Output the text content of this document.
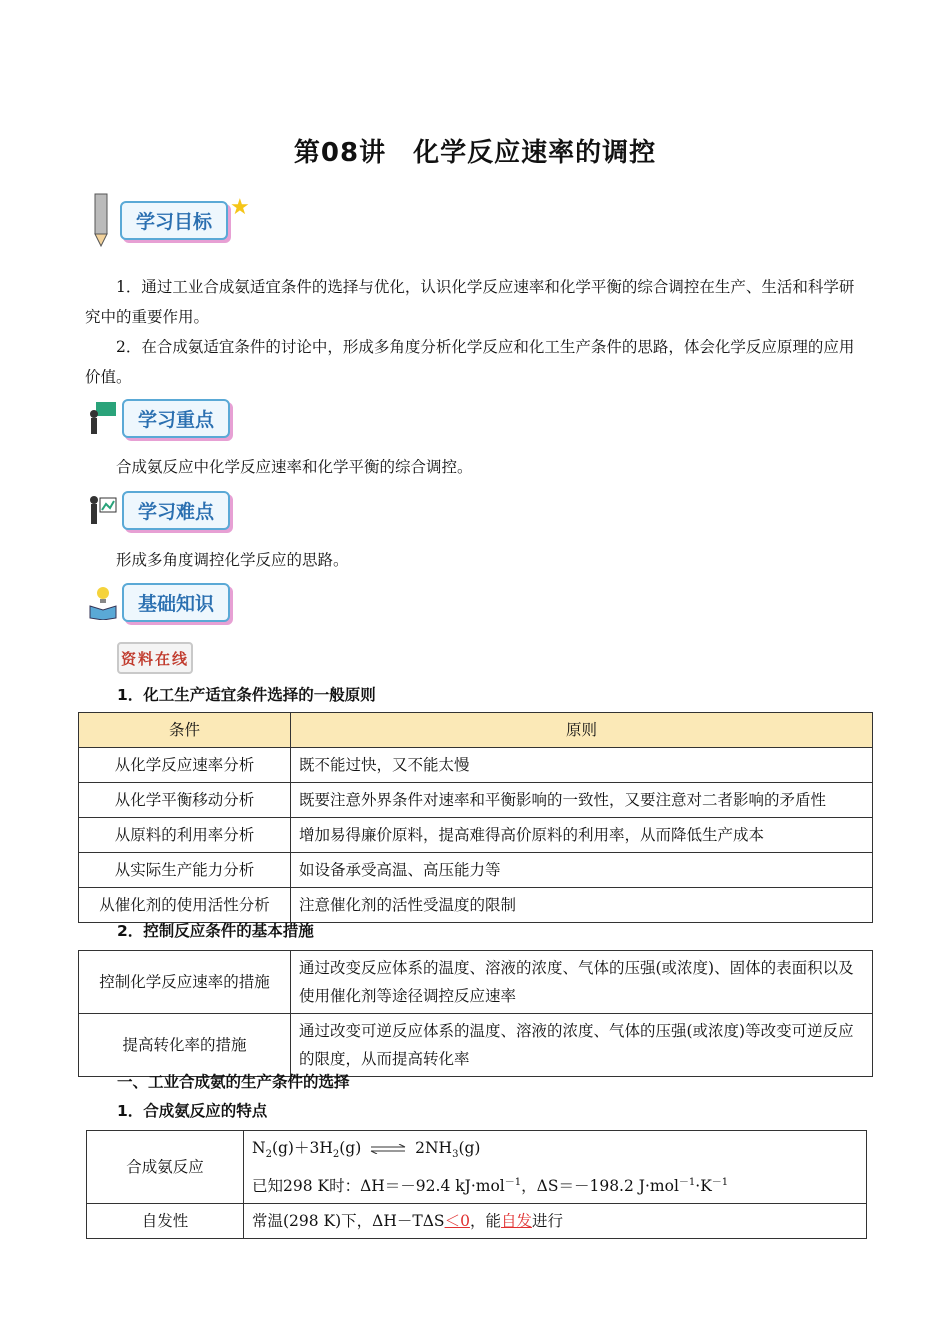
第08讲　化学反应速率的调控
学习目标
★
1．通过工业合成氨适宜条件的选择与优化，认识化学反应速率和化学平衡的综合调控在生产、生活和科学研究中的重要作用。
2．在合成氨适宜条件的讨论中，形成多角度分析化学反应和化工生产条件的思路，体会化学反应原理的应用价值。
学习重点
合成氨反应中化学反应速率和化学平衡的综合调控。
学习难点
形成多角度调控化学反应的思路。
基础知识
资料在线
1．化工生产适宜条件选择的一般原则
条件	原则
从化学反应速率分析	既不能过快，又不能太慢
从化学平衡移动分析	既要注意外界条件对速率和平衡影响的一致性，又要注意对二者影响的矛盾性
从原料的利用率分析	增加易得廉价原料，提高难得高价原料的利用率，从而降低生产成本
从实际生产能力分析	如设备承受高温、高压能力等
从催化剂的使用活性分析	注意催化剂的活性受温度的限制
2．控制反应条件的基本措施
控制化学反应速率的措施	通过改变反应体系的温度、溶液的浓度、气体的压强(或浓度)、固体的表面积以及使用催化剂等途径调控反应速率
提高转化率的措施	通过改变可逆反应体系的温度、溶液的浓度、气体的压强(或浓度)等改变可逆反应的限度，从而提高转化率
一、工业合成氨的生产条件的选择
1．合成氨反应的特点
合成氨反应	$N_2(g)+3H_2(g)$ ⇌ $2NH_3(g)$
已知298 K时：ΔH＝－92.4 kJ·mol$^{-1}$，ΔS＝－198.2 $J\cdot mol^{-1}\cdot K^{-1}$

自发性	常温(298 K)下，ΔH－TΔS＜0，能自发进行
